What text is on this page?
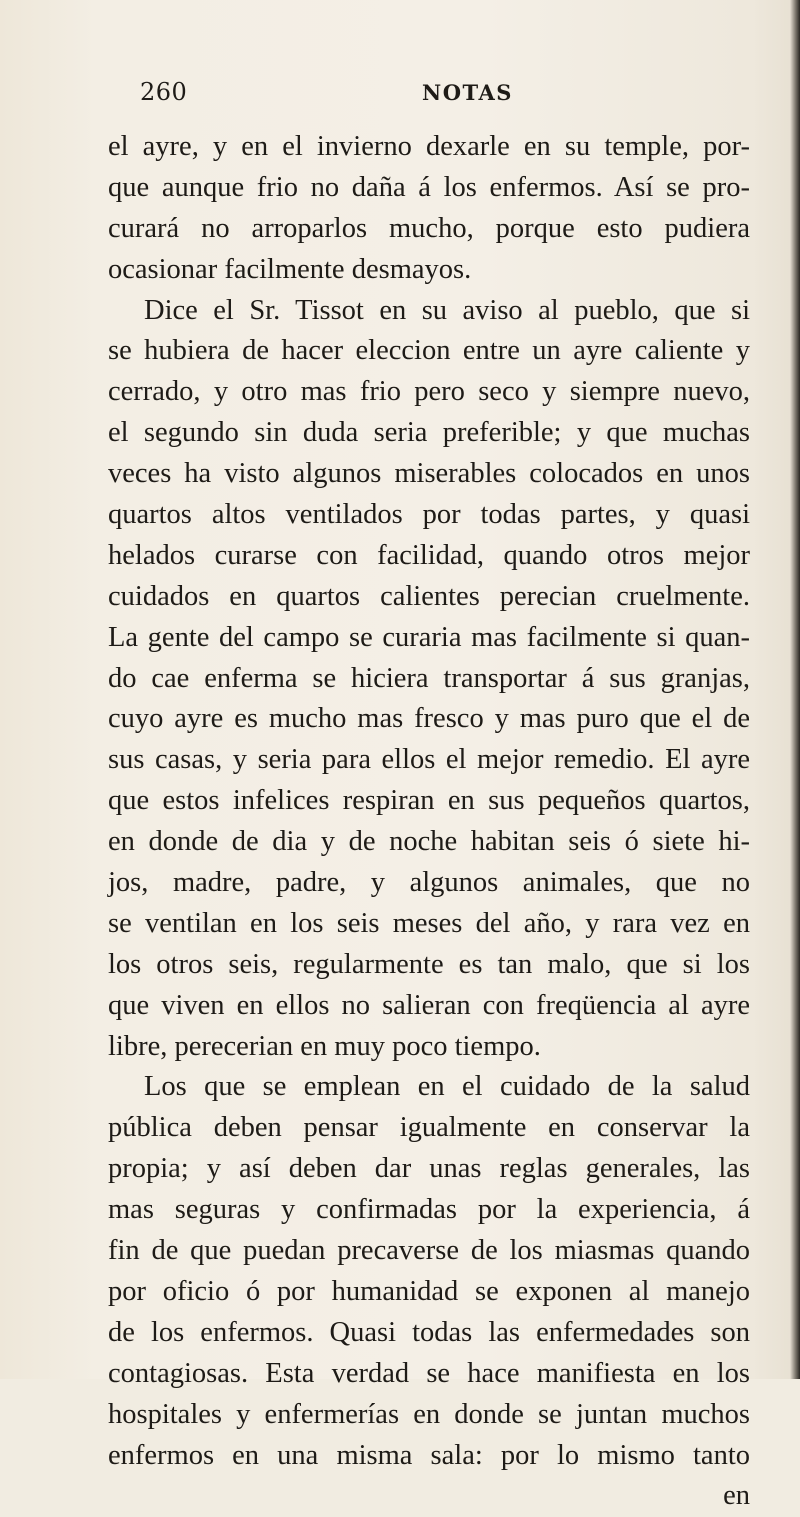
260	NOTAS
el ayre, y en el invierno dexarle en su temple, por-
que aunque frio no daña á los enfermos. Así se pro-
curará no arroparlos mucho, porque esto pudiera
ocasionar facilmente desmayos.
Dice el Sr. Tissot en su aviso al pueblo, que si
se hubiera de hacer eleccion entre un ayre caliente y
cerrado, y otro mas frio pero seco y siempre nuevo,
el segundo sin duda seria preferible; y que muchas
veces ha visto algunos miserables colocados en unos
quartos altos ventilados por todas partes, y quasi
helados curarse con facilidad, quando otros mejor
cuidados en quartos calientes perecian cruelmente.
La gente del campo se curaria mas facilmente si quan-
do cae enferma se hiciera transportar á sus granjas,
cuyo ayre es mucho mas fresco y mas puro que el de
sus casas, y seria para ellos el mejor remedio. El ayre
que estos infelices respiran en sus pequeños quartos,
en donde de dia y de noche habitan seis ó siete hi-
jos, madre, padre, y algunos animales, que no
se ventilan en los seis meses del año, y rara vez en
los otros seis, regularmente es tan malo, que si los
que viven en ellos no salieran con freqüencia al ayre
libre, perecerian en muy poco tiempo.
Los que se emplean en el cuidado de la salud
pública deben pensar igualmente en conservar la
propia; y así deben dar unas reglas generales, las
mas seguras y confirmadas por la experiencia, á
fin de que puedan precaverse de los miasmas quando
por oficio ó por humanidad se exponen al manejo
de los enfermos. Quasi todas las enfermedades son
contagiosas. Esta verdad se hace manifiesta en los
hospitales y enfermerías en donde se juntan muchos
enfermos en una misma sala: por lo mismo tanto
en
